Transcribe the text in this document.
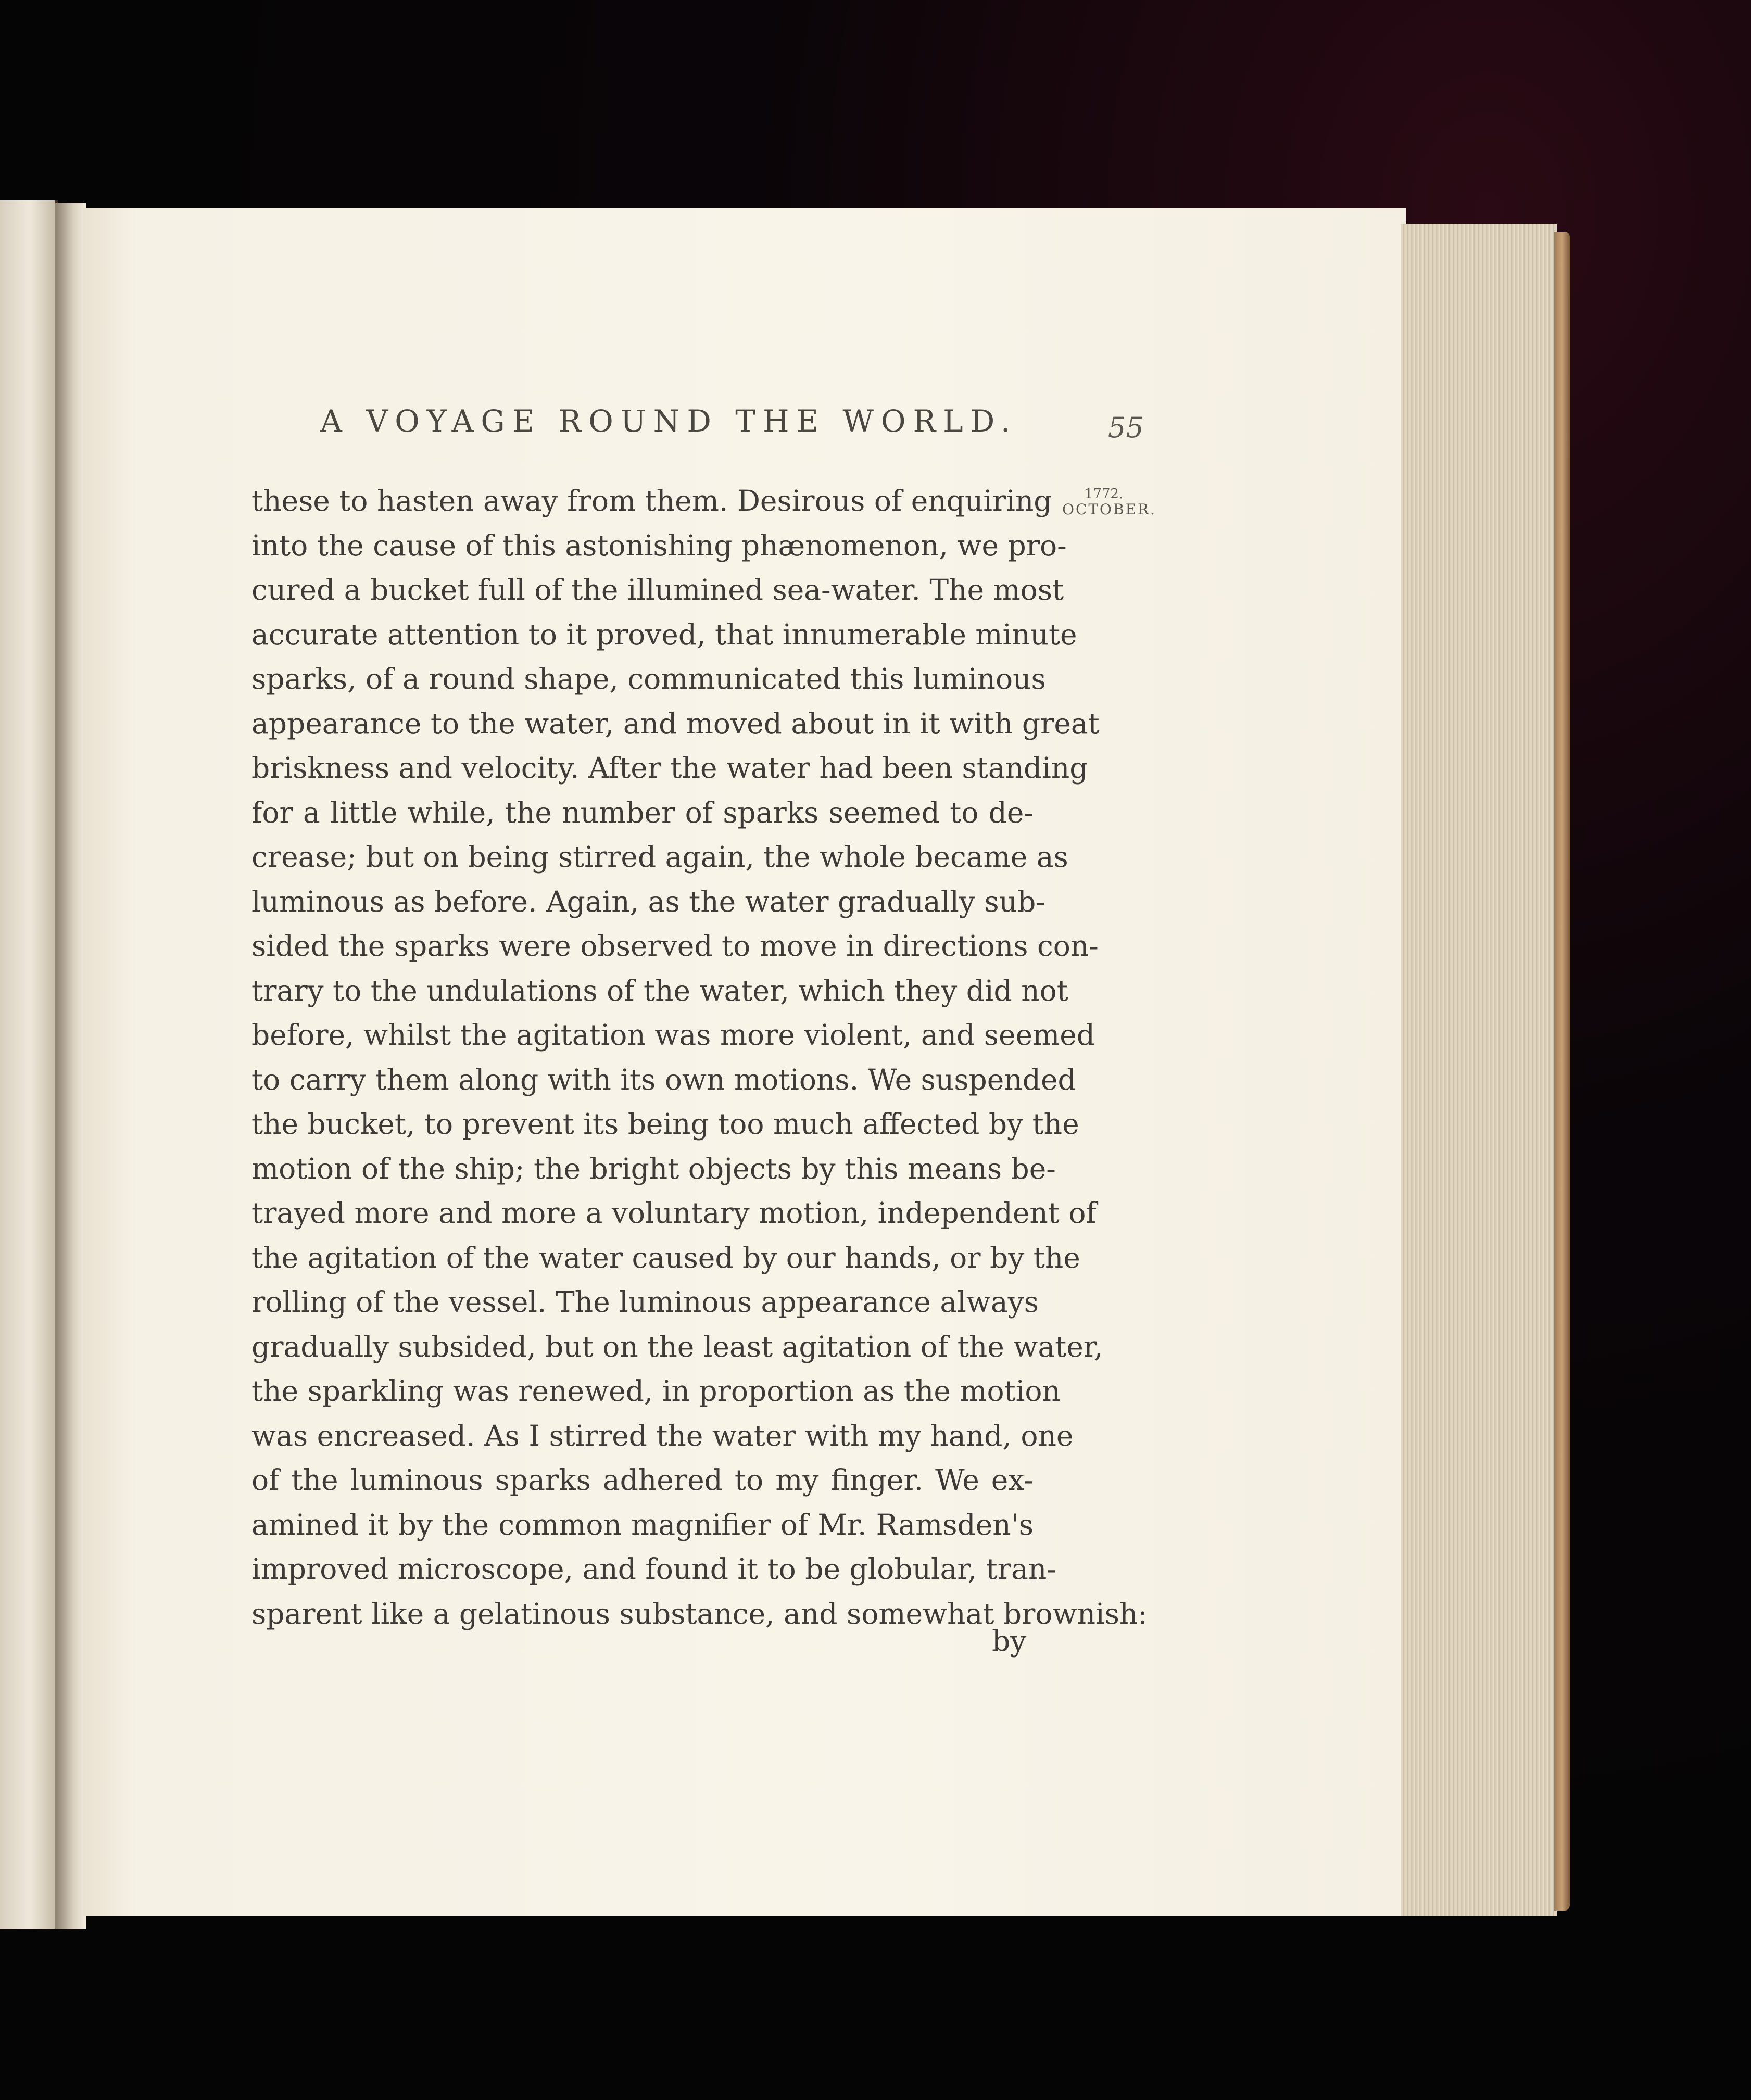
A VOYAGE ROUND THE WORLD.	55
1772.
OCTOBER.
these to hasten away from them. Desirous of enquiring
into the cause of this astonishing phænomenon, we pro-
cured a bucket full of the illumined sea-water. The most
accurate attention to it proved, that innumerable minute
sparks, of a round shape, communicated this luminous
appearance to the water, and moved about in it with great
briskness and velocity. After the water had been standing
for a little while, the number of sparks seemed to de-
crease; but on being stirred again, the whole became as
luminous as before. Again, as the water gradually sub-
sided the sparks were observed to move in directions con-
trary to the undulations of the water, which they did not
before, whilst the agitation was more violent, and seemed
to carry them along with its own motions. We suspended
the bucket, to prevent its being too much affected by the
motion of the ship; the bright objects by this means be-
trayed more and more a voluntary motion, independent of
the agitation of the water caused by our hands, or by the
rolling of the vessel. The luminous appearance always
gradually subsided, but on the least agitation of the water,
the sparkling was renewed, in proportion as the motion
was encreased. As I stirred the water with my hand, one
of the luminous sparks adhered to my finger. We ex-
amined it by the common magnifier of Mr. Ramsden's
improved microscope, and found it to be globular, tran-
sparent like a gelatinous substance, and somewhat brownish:
by
